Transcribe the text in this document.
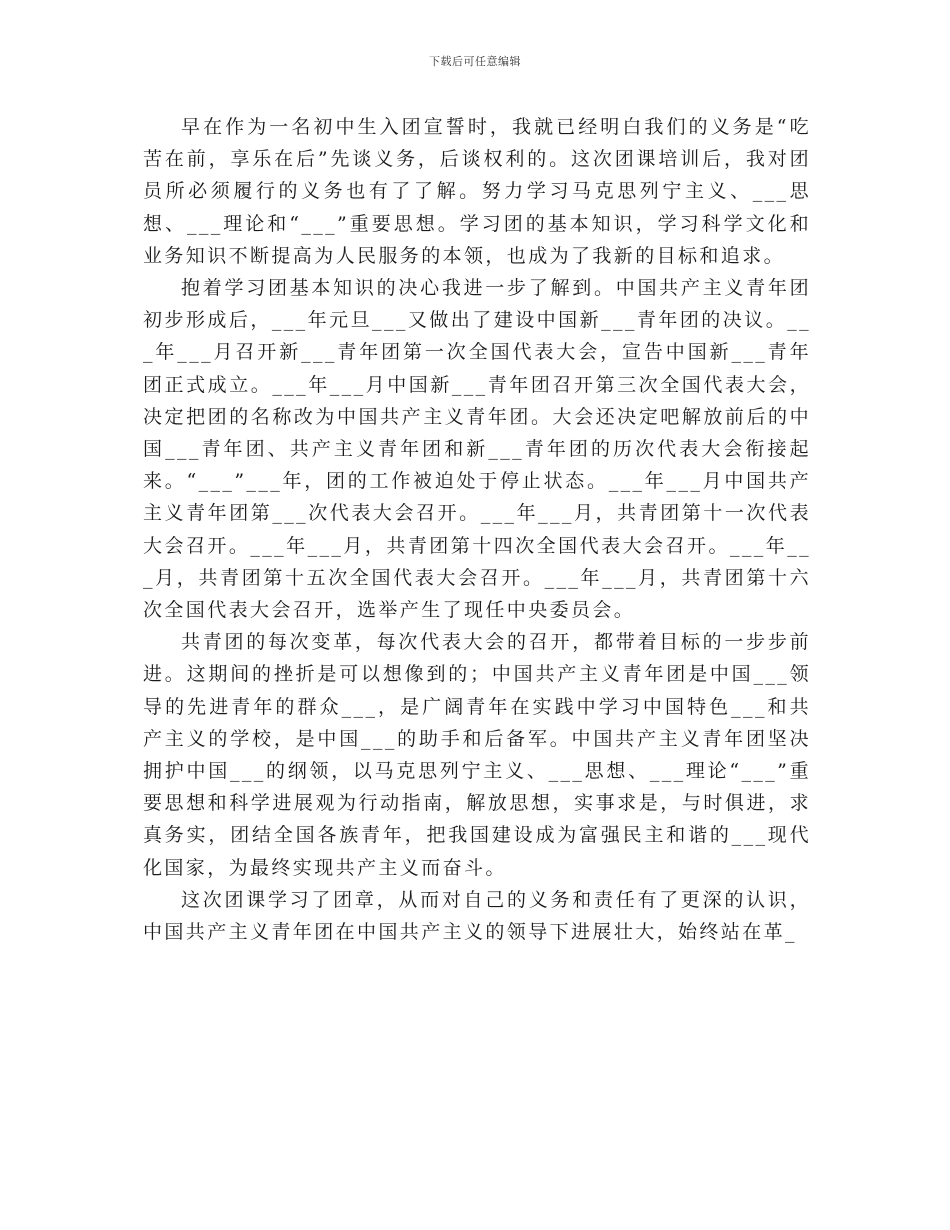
下载后可任意编辑

早在作为一名初中生入团宣誓时，我就已经明白我们的义务是“吃苦在前，享乐在后”先谈义务，后谈权利的。这次团课培训后，我对团员所必须履行的义务也有了了解。努力学习马克思列宁主义、___思想、___理论和“___”重要思想。学习团的基本知识，学习科学文化和业务知识不断提高为人民服务的本领，也成为了我新的目标和追求。

抱着学习团基本知识的决心我进一步了解到。中国共产主义青年团初步形成后，___年元旦___又做出了建设中国新___青年团的决议。___年___月召开新___青年团第一次全国代表大会，宣告中国新___青年团正式成立。___年___月中国新___青年团召开第三次全国代表大会，决定把团的名称改为中国共产主义青年团。大会还决定吧解放前后的中国___青年团、共产主义青年团和新___青年团的历次代表大会衔接起来。“___”___年，团的工作被迫处于停止状态。___年___月中国共产主义青年团第___次代表大会召开。___年___月，共青团第十一次代表大会召开。___年___月，共青团第十四次全国代表大会召开。___年___月，共青团第十五次全国代表大会召开。___年___月，共青团第十六次全国代表大会召开，选举产生了现任中央委员会。

共青团的每次变革，每次代表大会的召开，都带着目标的一步步前进。这期间的挫折是可以想像到的；中国共产主义青年团是中国___领导的先进青年的群众___，是广阔青年在实践中学习中国特色___和共产主义的学校，是中国___的助手和后备军。中国共产主义青年团坚决拥护中国___的纲领，以马克思列宁主义、___思想、___理论“___”重要思想和科学进展观为行动指南，解放思想，实事求是，与时俱进，求真务实，团结全国各族青年，把我国建设成为富强民主和谐的___现代化国家，为最终实现共产主义而奋斗。

这次团课学习了团章，从而对自己的义务和责任有了更深的认识，中国共产主义青年团在中国共产主义的领导下进展壮大，始终站在革_
